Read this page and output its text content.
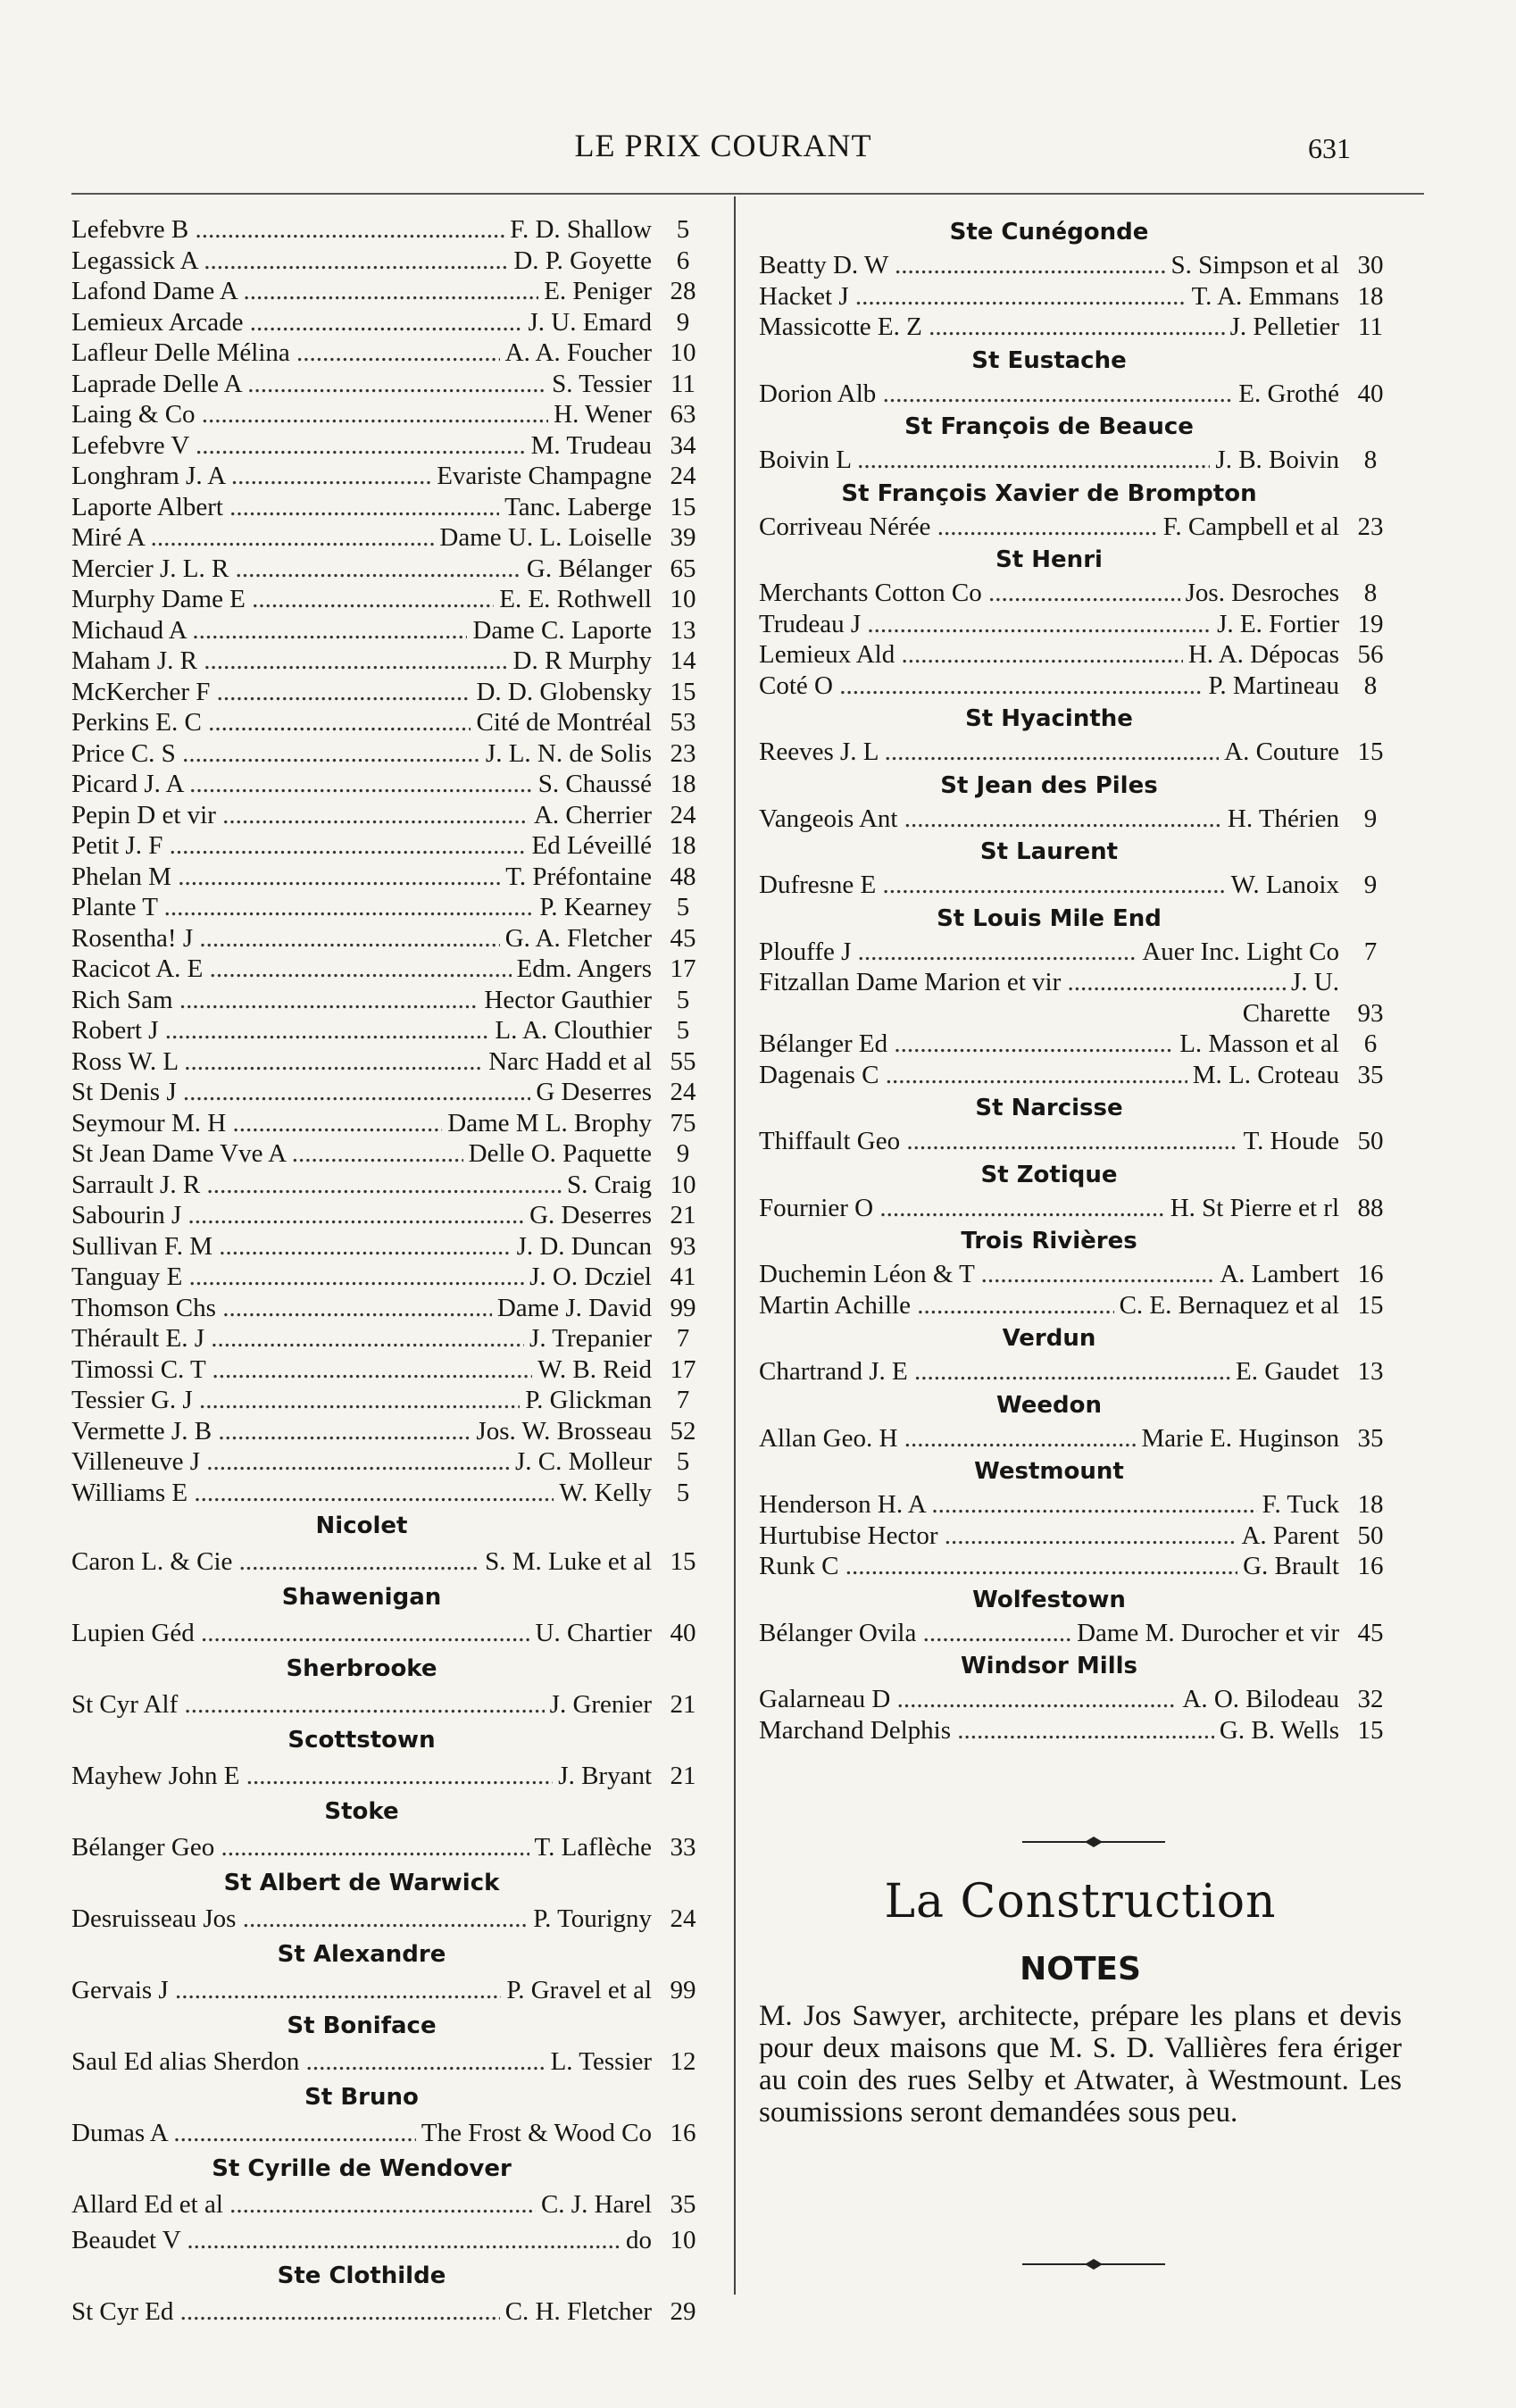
LE PRIX COURANT	631
Lefebvre B .....	F. D. Shallow 5
Legassick A .....	D. P. Goyette 6
Lafond Dame A .....	E. Peniger 28
Lemieux Arcade .....	J. U. Emard 9
Lafleur Delle Mélina .....	A. A. Foucher 10
Laprade Delle A .....	S. Tessier 11
Laing & Co .....	H. Wener 63
Lefebvre V .....	M. Trudeau 34
Longhram J. A .....	Evariste Champagne 24
Laporte Albert .....	Tanc. Laberge 15
Miré A .....	Dame U. L. Loiselle 39
Mercier J. L. R .....	G. Bélanger 65
Murphy Dame E .....	E. E. Rothwell 10
Michaud A .....	Dame C. Laporte 13
Maham J. R .....	D. R Murphy 14
McKercher F .....	D. D. Globensky 15
Perkins E. C .....	Cité de Montréal 53
Price C. S .....	J. L. N. de Solis 23
Picard J. A .....	S. Chaussé 18
Pepin D et vir .....	A. Cherrier 24
Petit J. F .....	Ed Léveillé 18
Phelan M .....	T. Préfontaine 48
Plante T .....	P. Kearney 5
Rosentha! J .....	G. A. Fletcher 45
Racicot A. E .....	Edm. Angers 17
Rich Sam .....	Hector Gauthier 5
Robert J .....	L. A. Clouthier 5
Ross W. L .....	Narc Hadd et al 55
St Denis J .....	G Deserres 24
Seymour M. H .....	Dame M L. Brophy 75
St Jean Dame Vve A .....	Delle O. Paquette 9
Sarrault J. R .....	S. Craig 10
Sabourin J .....	G. Deserres 21
Sullivan F. M .....	J. D. Duncan 93
Tanguay E .....	J. O. Dcziel 41
Thomson Chs .....	Dame J. David 99
Thérault E. J .....	J. Trepanier 7
Timossi C. T .....	W. B. Reid 17
Tessier G. J .....	P. Glickman 7
Vermette J. B .....	Jos. W. Brosseau 52
Villeneuve J .....	J. C. Molleur 5
Williams E .....	W. Kelly 5
Nicolet
Caron L. & Cie .....	S. M. Luke et al 15
Shawenigan
Lupien Géd .....	U. Chartier 40
Sherbrooke
St Cyr Alf .....	J. Grenier 21
Scottstown
Mayhew John E .....	J. Bryant 21
Stoke
Bélanger Geo .....	T. Laflèche 33
St Albert de Warwick
Desruisseau Jos .....	P. Tourigny 24
St Alexandre
Gervais J .....	P. Gravel et al 99
St Boniface
Saul Ed alias Sherdon .....	L. Tessier 12
St Bruno
Dumas A .....	The Frost & Wood Co 16
St Cyrille de Wendover
Allard Ed et al .....	C. J. Harel 35
Beaudet V .....	do 10
Ste Clothilde
St Cyr Ed .....	C. H. Fletcher 29
Ste Cunégonde
Beatty D. W .....	S. Simpson et al 30
Hacket J .....	T. A. Emmans 18
Massicotte E. Z .....	J. Pelletier 11
St Eustache
Dorion Alb .....	E. Grothé 40
St François de Beauce
Boivin L .....	J. B. Boivin 8
St François Xavier de Brompton
Corriveau Nérée .....	F. Campbell et al 23
St Henri
Merchants Cotton Co .....	Jos. Desroches 8
Trudeau J .....	J. E. Fortier 19
Lemieux Ald .....	H. A. Dépocas 56
Coté O .....	P. Martineau 8
St Hyacinthe
Reeves J. L .....	A. Couture 15
St Jean des Piles
Vangeois Ant .....	H. Thérien 9
St Laurent
Dufresne E .....	W. Lanoix 9
St Louis Mile End
Plouffe J .....	Auer Inc. Light Co 7
Fitzallan Dame Marion et vir .....	J. U.
Charette	93
Bélanger Ed .....	L. Masson et al 6
Dagenais C .....	M. L. Croteau 35
St Narcisse
Thiffault Geo .....	T. Houde 50
St Zotique
Fournier O .....	H. St Pierre et rl 88
Trois Rivières
Duchemin Léon & T .....	A. Lambert 16
Martin Achille .....	C. E. Bernaquez et al 15
Verdun
Chartrand J. E .....	E. Gaudet 13
Weedon
Allan Geo. H .....	Marie E. Huginson 35
Westmount
Henderson H. A .....	F. Tuck 18
Hurtubise Hector .....	A. Parent 50
Runk C .....	G. Brault 16
Wolfestown
Bélanger Ovila .....	Dame M. Durocher et vir 45
Windsor Mills
Galarneau D .....	A. O. Bilodeau 32
Marchand Delphis .....	G. B. Wells 15
La Construction
NOTES
M. Jos Sawyer, architecte, prépare les plans et devis pour deux maisons que M. S. D. Vallières fera ériger au coin des rues Selby et Atwater, à Westmount. Les soumissions seront demandées sous peu.
